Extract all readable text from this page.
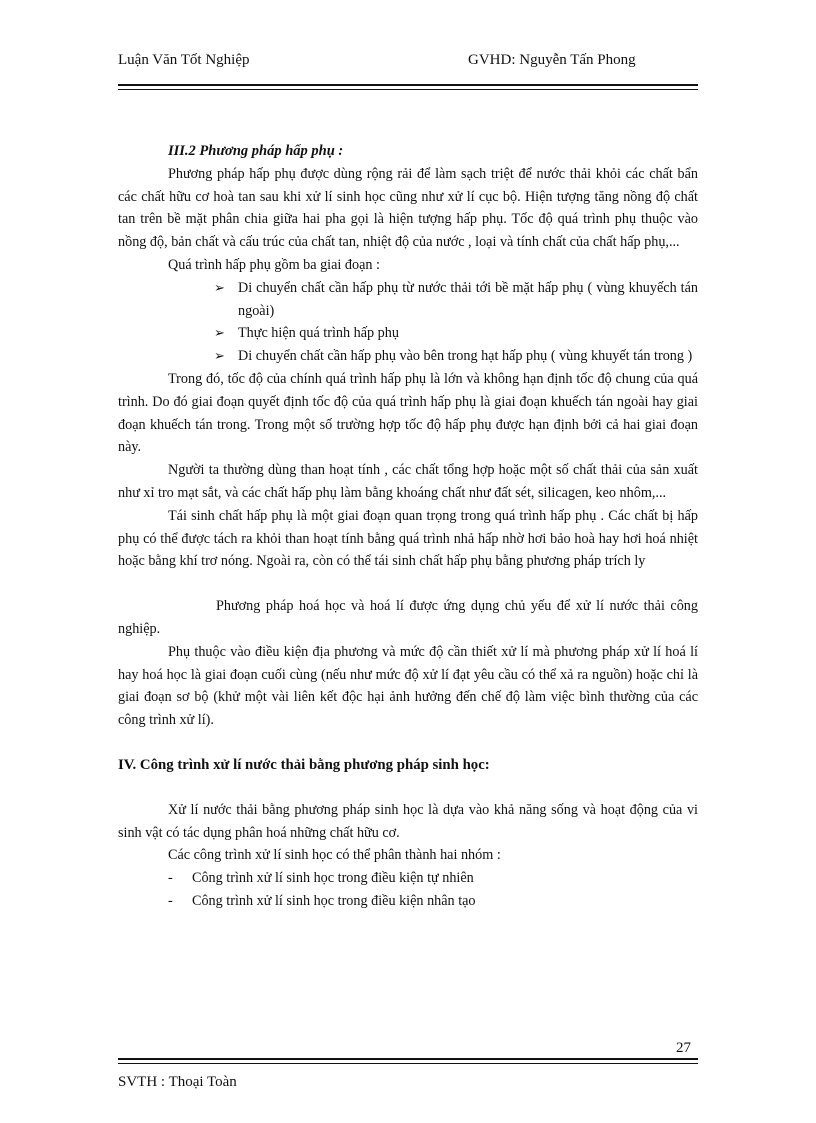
Luận Văn Tốt Nghiệp	GVHD: Nguyễn Tấn Phong

III.2 Phương pháp hấp phụ :

Phương pháp hấp phụ được dùng rộng rải để làm sạch triệt để nước thải khỏi các chất bẩn các chất hữu cơ hoà tan sau khi xử lí sinh học cũng như xử lí cục bộ. Hiện tượng tăng nồng độ chất tan trên bề mặt phân chia giữa hai pha gọi là hiện tượng hấp phụ. Tốc độ quá trình phụ thuộc vào nồng độ, bản chất và cấu trúc của chất tan, nhiệt độ của nước , loại và tính chất của chất hấp phụ,...

Quá trình hấp phụ gồm ba giai đoạn :

➢ Di chuyển chất cần hấp phụ từ nước thải tới bề mặt hấp phụ ( vùng khuyếch tán ngoài)
➢ Thực hiện quá trình hấp phụ
➢ Di chuyển chất cần hấp phụ vào bên trong hạt hấp phụ ( vùng khuyết tán trong )

Trong đó, tốc độ của chính quá trình hấp phụ là lớn và không hạn định tốc độ chung của quá trình. Do đó giai đoạn quyết định tốc độ của quá trình hấp phụ là giai đoạn khuếch tán ngoài hay giai đoạn khuếch tán trong. Trong một số trường hợp tốc độ hấp phụ được hạn định bởi cả hai giai đoạn này.

Người ta thường dùng than hoạt tính , các chất tổng hợp hoặc một số chất thải của sản xuất như xỉ tro mạt sắt, và các chất hấp phụ làm bằng khoáng chất như đất sét, silicagen, keo nhôm,...

Tái sinh chất hấp phụ là một giai đoạn quan trọng trong quá trình hấp phụ . Các chất bị hấp phụ có thể được tách ra khỏi than hoạt tính bằng quá trình nhả hấp nhờ hơi bảo hoà hay hơi hoá nhiệt hoặc bằng khí trơ nóng. Ngoài ra, còn có thể tái sinh chất hấp phụ bằng phương pháp trích ly

Phương pháp hoá học và hoá lí được ứng dụng chủ yếu để xử lí nước thải công nghiệp.

Phụ thuộc vào điều kiện địa phương và mức độ cần thiết xử lí mà phương pháp xử lí hoá lí hay hoá học là giai đoạn cuối cùng (nếu như mức độ xử lí đạt yêu cầu có thể xả ra nguồn) hoặc chỉ là giai đoạn sơ bộ (khử một vài liên kết độc hại ảnh hưởng đến chế độ làm việc bình thường của các công trình xử lí).

IV. Công trình xử lí nước thải bằng phương pháp sinh học:

Xử lí nước thải bằng phương pháp sinh học là dựa vào khả năng sống và hoạt động của vi sinh vật có tác dụng phân hoá những chất hữu cơ.

Các công trình xử lí sinh học có thể phân thành hai nhóm :

- Công trình xử lí sinh học trong điều kiện tự nhiên
- Công trình xử lí sinh học trong điều kiện nhân tạo
27
SVTH : Thoại Toàn
